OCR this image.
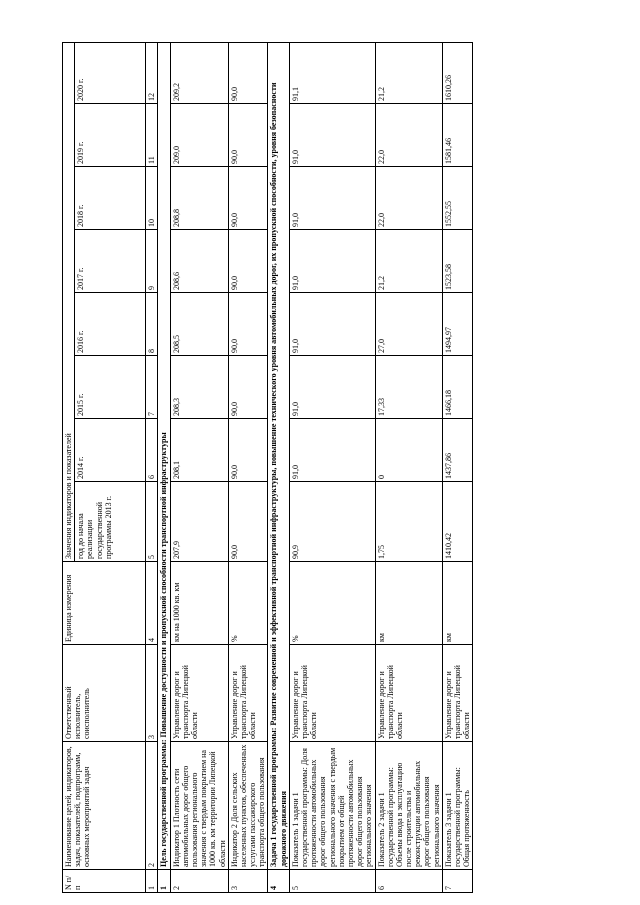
N п/п	Наименование целей, индикаторов, задач, показателей, подпрограмм, основных мероприятий задач	Ответственный исполнитель, соисполнитель	Единица измерения	Значения индикаторов и показателей							
				год до начала реализации государственной программы 2013 г.	2014 г.	2015 г.	2016 г.	2017 г.	2018 г.	2019 г.	2020 г.
1	2	3	4	5	6	7	8	9	10	11	12
1	Цель государственной программы: Повышение доступности и пропускной способности транспортной инфраструктуры										
2	Индикатор 1 Плотность сети автомобильных дорог общего пользования регионального значения с твердым покрытием на 1000 кв. км территории Липецкой области	Управление дорог и транспорта Липецкой области	км на 1000 кв. км	207,9	208,1	208,3	208,5	208,6	208,8	209,0	209,2
3	Индикатор 2 Доля сельских населенных пунктов, обеспеченных услугами пассажирского транспорта общего пользования	Управление дорог и транспорта Липецкой области	%	90,0	90,0	90,0	90,0	90,0	90,0	90,0	90,0
4	Задача 1 государственной программы: Развитие современной и эффективной транспортной инфраструктуры, повышение технического уровня автомобильных дорог, их пропускной способности, уровня безопасности дорожного движения										
5	Показатель 1 задачи 1 государственной программы: Доля протяженности автомобильных дорог общего пользования регионального значения с твердым покрытием от общей протяженности автомобильных дорог общего пользования регионального значения	Управление дорог и транспорта Липецкой области	%	90,9	91,0	91,0	91,0	91,0	91,0	91,0	91,1
6	Показатель 2 задачи 1 государственной программы: Объемы ввода в эксплуатацию после строительства и реконструкции автомобильных дорог общего пользования регионального значения	Управление дорог и транспорта Липецкой области	км	1,75	0	17,33	27,0	21,2	22,0	22,0	21,2
7	Показатель 3 задачи 1 государственной программы: Общая протяженность	Управление дорог и транспорта Липецкой области	км	1410,42	1437,86	1466,18	1494,97	1523,58	1552,55	1581,46	1610,26
